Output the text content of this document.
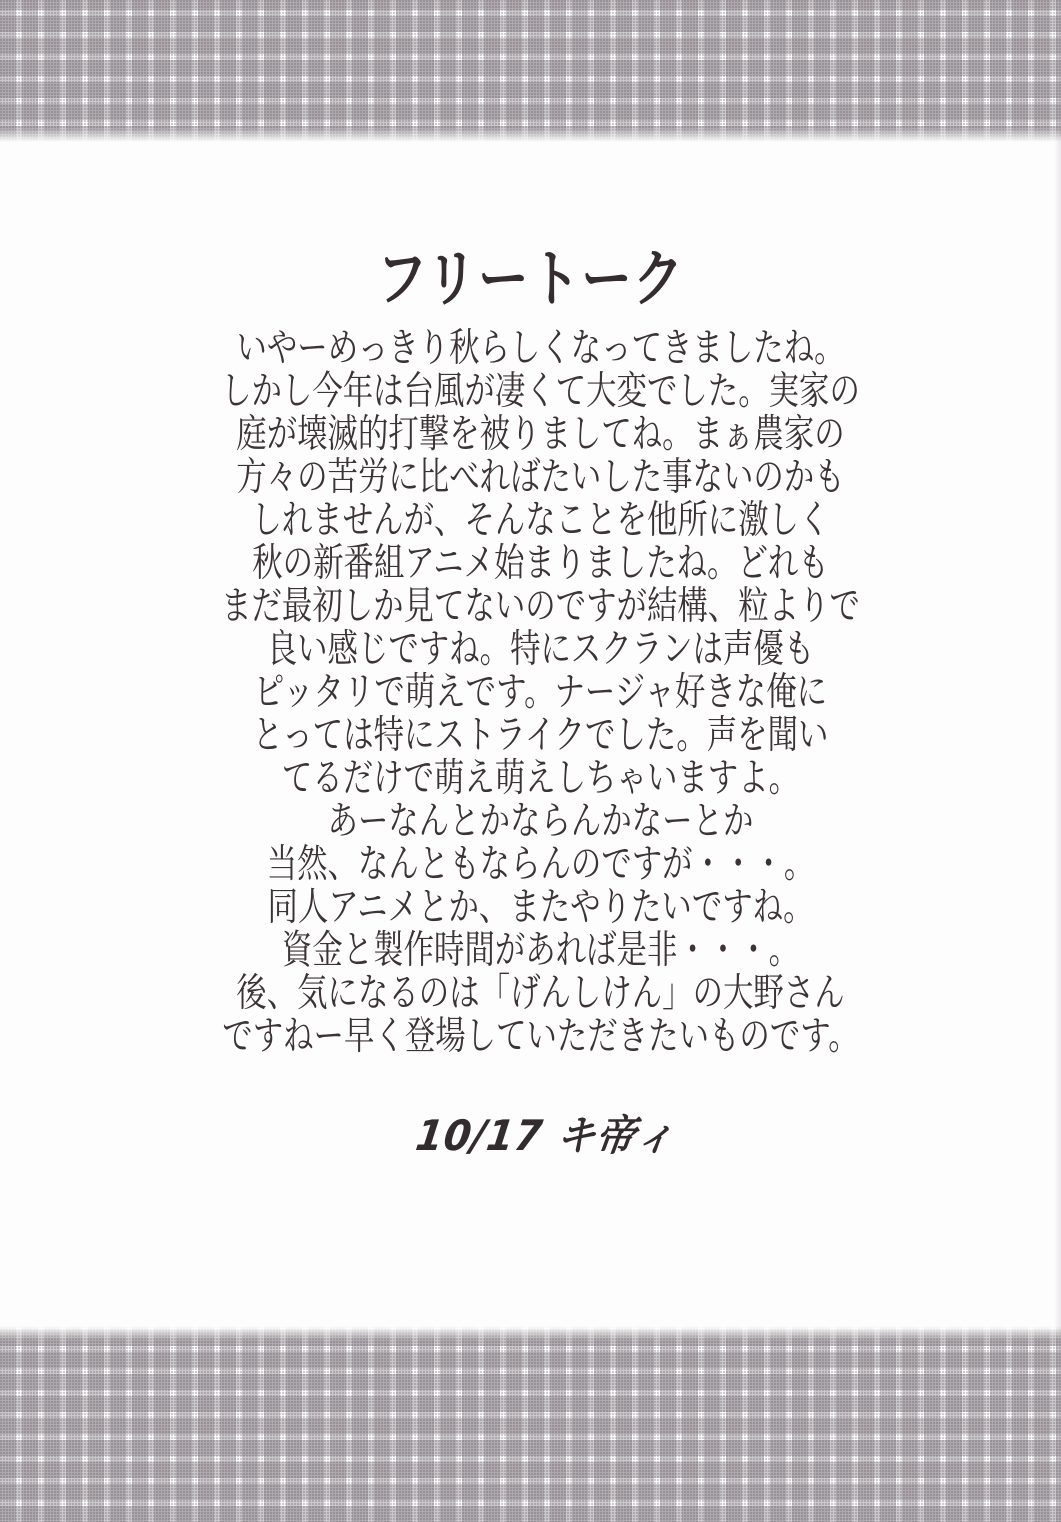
フリートーク
いやーめっきり秋らしくなってきましたね。
しかし今年は台風が凄くて大変でした。実家の
庭が壊滅的打撃を被りましてね。まぁ農家の
方々の苦労に比べればたいした事ないのかも
しれませんが、そんなことを他所に激しく
秋の新番組アニメ始まりましたね。どれも
まだ最初しか見てないのですが結構、粒よりで
良い感じですね。特にスクランは声優も
ピッタリで萌えです。ナージャ好きな俺に
とっては特にストライクでした。声を聞い
てるだけで萌え萌えしちゃいますよ。
あーなんとかならんかなーとか
当然、なんともならんのですが・・・。
同人アニメとか、またやりたいですね。
資金と製作時間があれば是非・・・。
後、気になるのは「げんしけん」の大野さん
ですねー早く登場していただきたいものです。
10/17 キ帝ィ
